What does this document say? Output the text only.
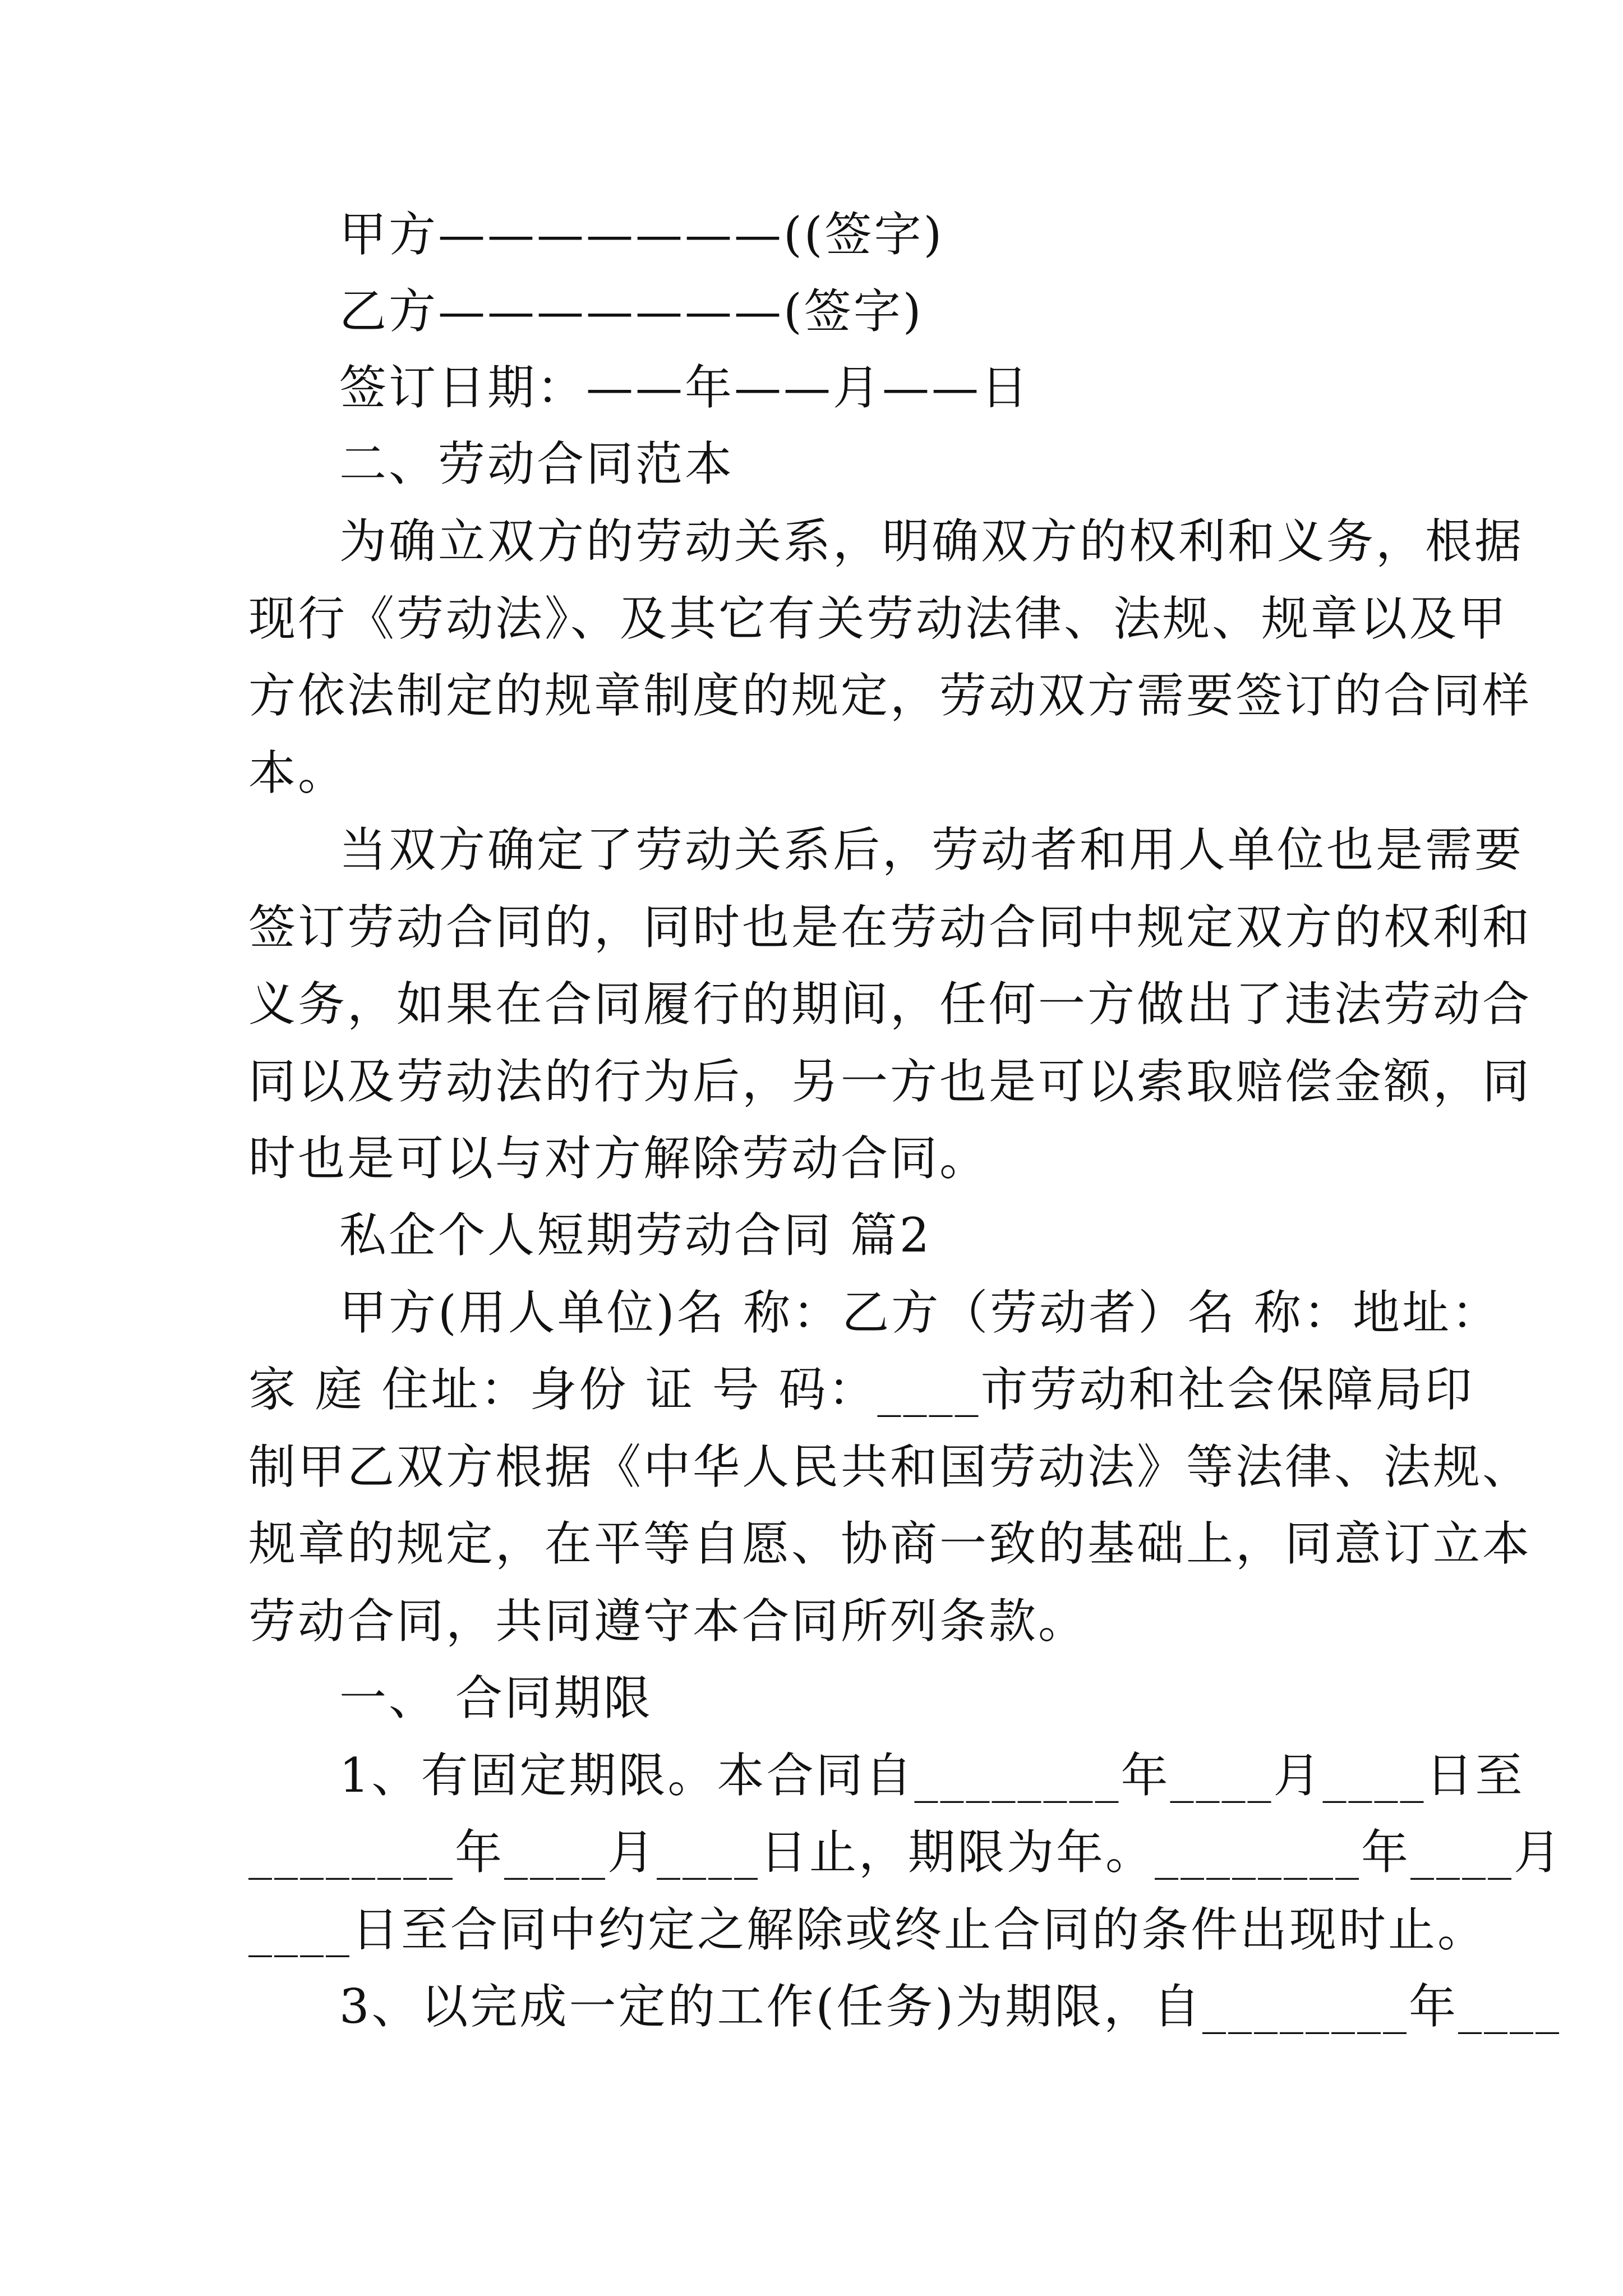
甲方———————((签字)

乙方———————(签字)

签订日期：——年——月——日

二、劳动合同范本

为确立双方的劳动关系，明确双方的权利和义务，根据

现行《劳动法》、及其它有关劳动法律、法规、规章以及甲

方依法制定的规章制度的规定，劳动双方需要签订的合同样

本。

当双方确定了劳动关系后，劳动者和用人单位也是需要

签订劳动合同的，同时也是在劳动合同中规定双方的权利和

义务，如果在合同履行的期间，任何一方做出了违法劳动合

同以及劳动法的行为后，另一方也是可以索取赔偿金额，同

时也是可以与对方解除劳动合同。

私企个人短期劳动合同 篇2

甲方(用人单位)名 称：乙方（劳动者）名 称：地址：

家 庭 住址：身份 证 号 码：____市劳动和社会保障局印

制甲乙双方根据《中华人民共和国劳动法》等法律、法规、

规章的规定，在平等自愿、协商一致的基础上，同意订立本

劳动合同，共同遵守本合同所列条款。

一、 合同期限

1、有固定期限。本合同自________年____月____日至

________年____月____日止，期限为年。________年____月

____日至合同中约定之解除或终止合同的条件出现时止。

3、以完成一定的工作(任务)为期限，自________年____
